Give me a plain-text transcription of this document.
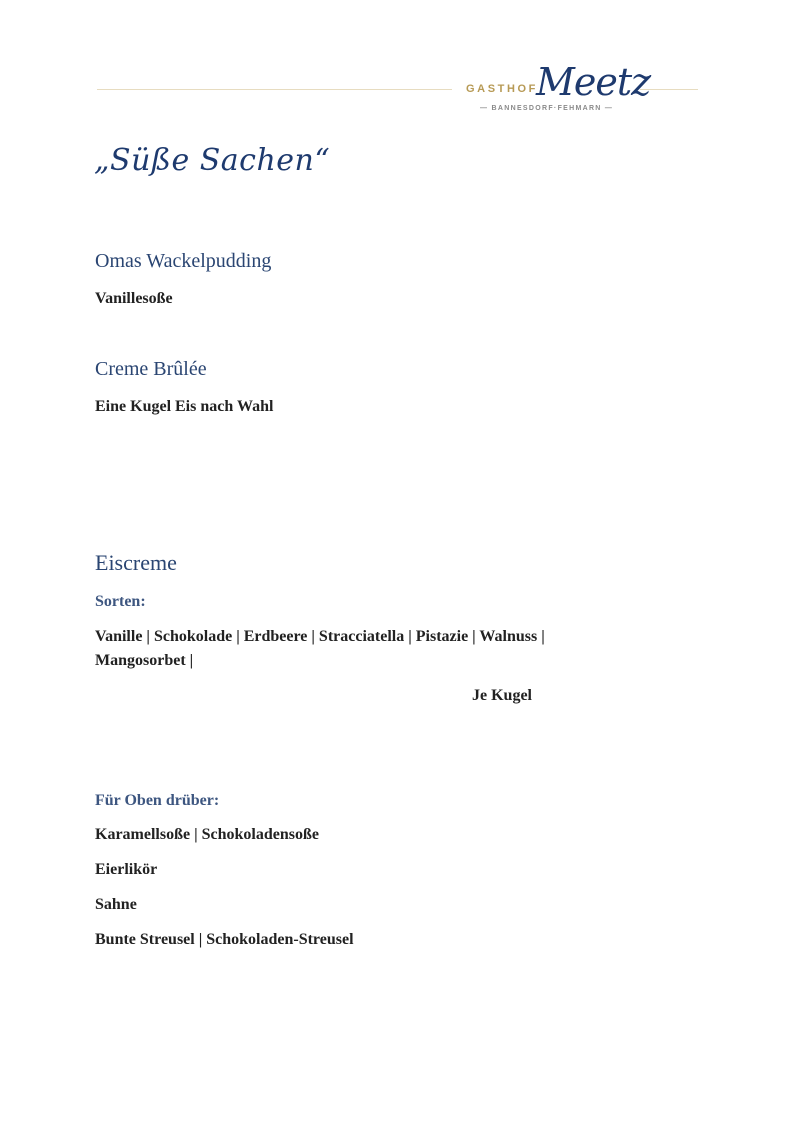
GASTHOF
Meetz
— BANNESDORF·FEHMARN —
„Süße Sachen“
Omas Wackelpudding
Vanillesoße
Creme Brûlée
Eine Kugel Eis nach Wahl
Eiscreme
Sorten:
Vanille | Schokolade | Erdbeere | Stracciatella | Pistazie | Walnuss |
Mangosorbet |
Je Kugel
Für Oben drüber:
Karamellsoße | Schokoladensoße
Eierlikör
Sahne
Bunte Streusel | Schokoladen-Streusel
